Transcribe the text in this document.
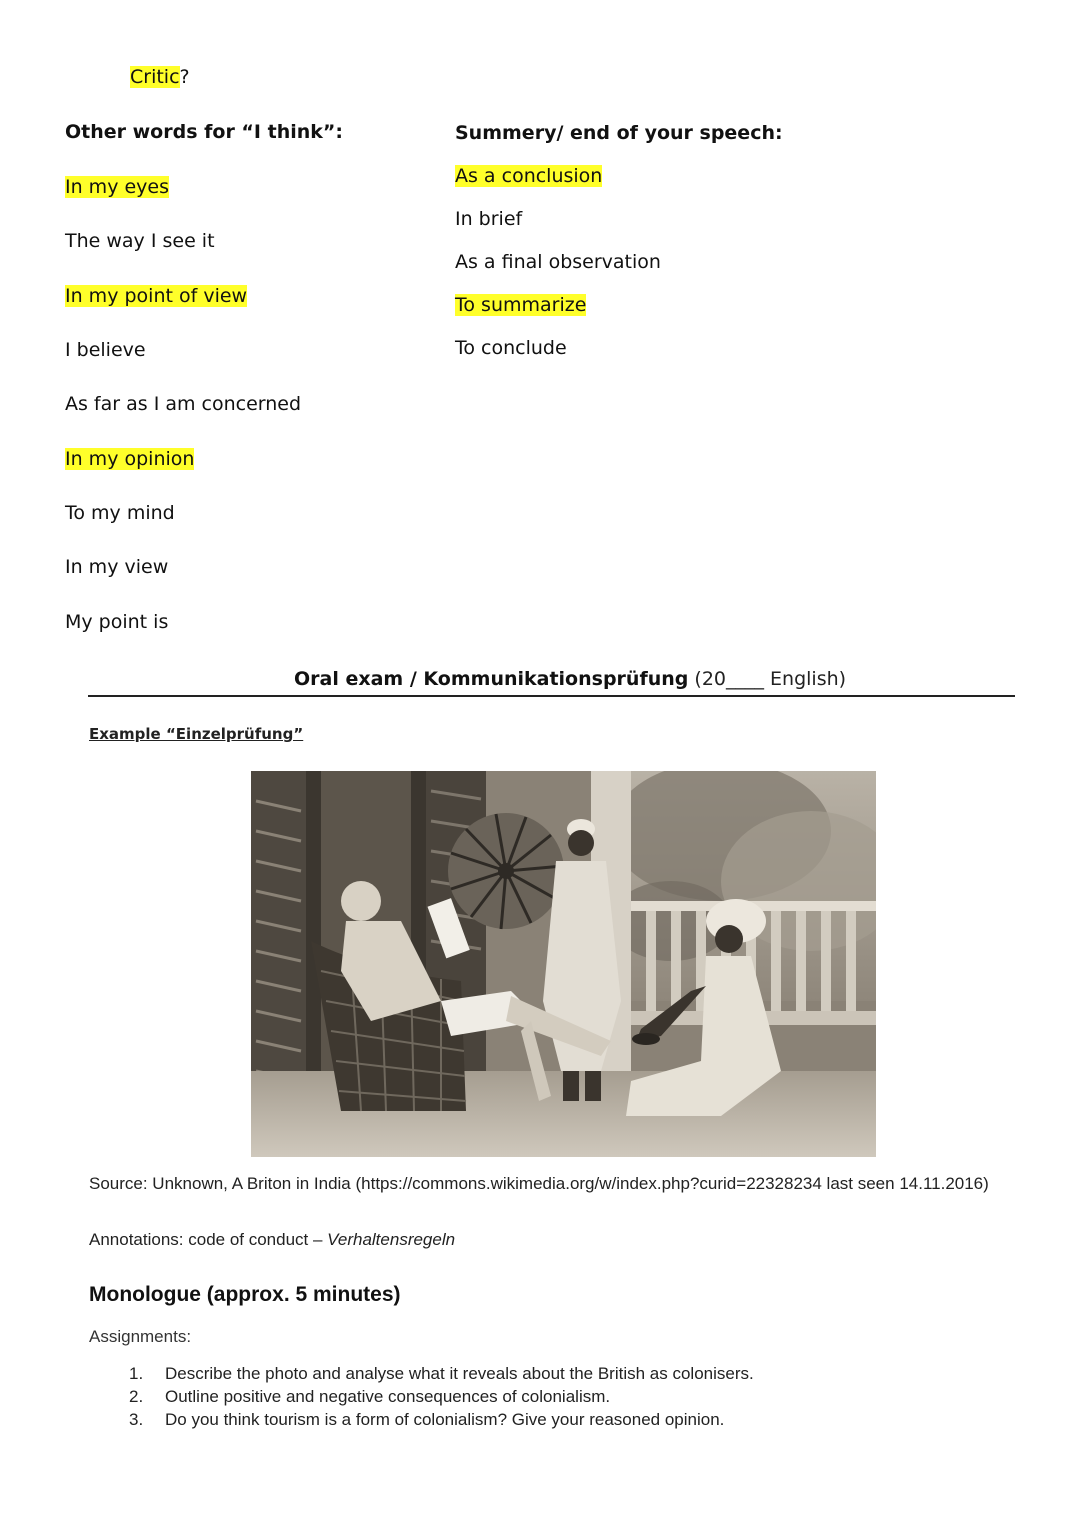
Critic?
Other words for “I think”:
In my eyes
The way I see it
In my point of view
I believe
As far as I am concerned
In my opinion
To my mind
In my view
My point is
Summery/ end of your speech:
As a conclusion
In brief
As a final observation
To summarize
To conclude
Oral exam / Kommunikationsprüfung (20____ English)
Example “Einzelprüfung”
Source: Unknown, A Briton in India (https://commons.wikimedia.org/w/index.php?curid=22328234 last seen 14.11.2016)
Annotations: code of conduct – Verhaltensregeln
Monologue (approx. 5 minutes)
Assignments:
1. Describe the photo and analyse what it reveals about the British as colonisers.
2. Outline positive and negative consequences of colonialism.
3. Do you think tourism is a form of colonialism? Give your reasoned opinion.
